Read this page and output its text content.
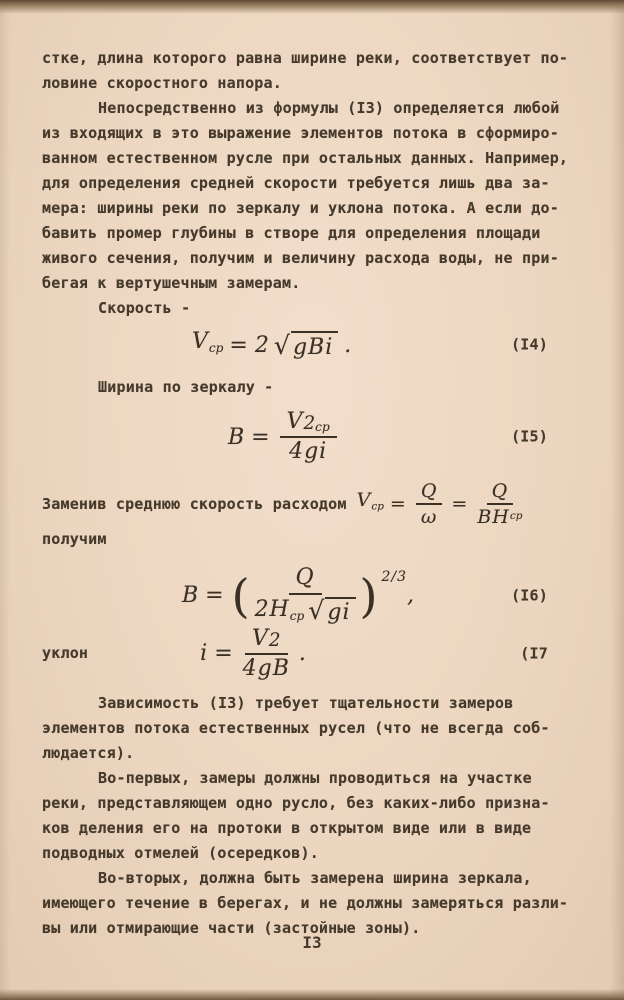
стке, длина которого равна ширине реки, соответствует по-
ловине скоростного напора.
Непосредственно из формулы (I3) определяется любой
из входящих в это выражение элементов потока в сформиро-
ванном естественном русле при остальных данных. Например,
для определения средней скорости требуется лишь два за-
мера: ширины реки по зеркалу и уклона потока. А если до-
бавить промер глубины в створе для определения площади
живого сечения, получим и величину расхода воды, не при-
бегая к вертушечным замерам.
Скорость -
$V_{ср} = 2$ √ gBi .	(I4)
Ширина по зеркалу -
$B = \frac{V 2 ср}{4gi}$	(I5)
Заменив среднюю скорость расходом $V_{ср} = \frac{Q}{\omega} = \frac{Q}{\text{BH ср}}$
получим
B = ( $\frac{Q}{2H_{ср} √ gi}$ ) 2/3
,	(I6)
уклон	$i = \frac{V 2}{4gB}$ .	(I7
Зависимость (I3) требует тщательности замеров
элементов потока естественных русел (что не всегда соб-
людается).
Во-первых, замеры должны проводиться на участке
реки, представляющем одно русло, без каких-либо призна-
ков деления его на протоки в открытом виде или в виде
подводных отмелей (осередков).
Во-вторых, должна быть замерена ширина зеркала,
имеющего течение в берегах, и не должны замеряться разли-
вы или отмирающие части (застойные зоны).
I3
